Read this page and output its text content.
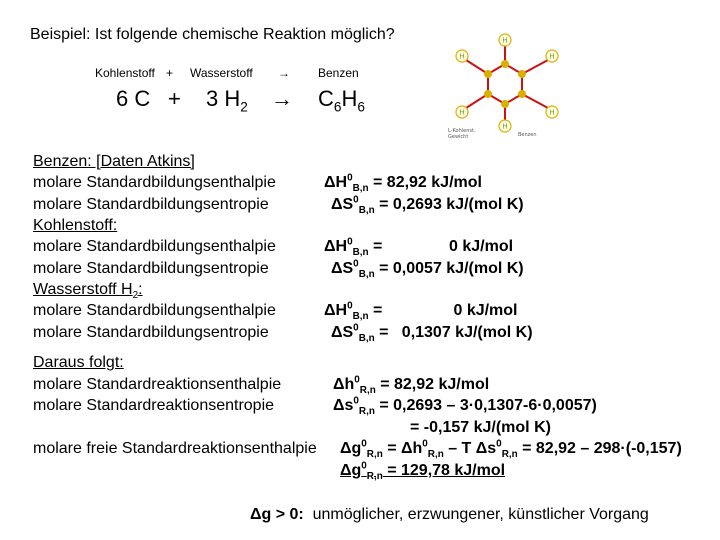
Beispiel: Ist folgende chemische Reaktion möglich?
Kohlenstoff + Wasserstoff → Benzen
6 C + 3 $H_2 \to C_6H_6$
H
H
H
H
H
H
L-Kohlenst.
Gewicht	Benzen
Benzen: [Daten Atkins]
molare Standardbildungsenthalpie
molare Standardbildungsentropie
Kohlenstoff:
molare Standardbildungsenthalpie
molare Standardbildungsentropie
Wasserstoff $H_2$:
molare Standardbildungsenthalpie
molare Standardbildungsentropie
$\Delta H^0_{B,n} = 82,92$ kJ/mol
$\Delta S^0_{B,n} = 0,2693$ kJ/(mol K)
$\Delta H^0_{B,n}$ =               0 kJ/mol
$\Delta S^0_{B,n} = 0,0057$ kJ/(mol K)
$\Delta H^0_{B,n}$ =                0 kJ/mol
$\Delta S^0_{B,n} = 0,1307$ kJ/(mol K)
Daraus folgt:
molare Standardreaktionsenthalpie
molare Standardreaktionsentropie
molare freie Standardreaktionsenthalpie
$\Delta h^0_{R,n} = 82,92$ kJ/mol
$\Delta s^0_{R,n} = 0,2693 - 3\cdot 0,1307-6\cdot 0,0057$)
= -0,157 kJ/(mol K)
$\Delta g^0_{R,n} = \Delta h^0_{R,n} - T$ $\Delta s^0_{R,n} = 82,92 - 298\cdot(-0,157)$
$\Delta g^0_{R,n} = 129,78$ kJ/mol
Δg > 0: unmöglicher, erzwungener, künstlicher Vorgang
